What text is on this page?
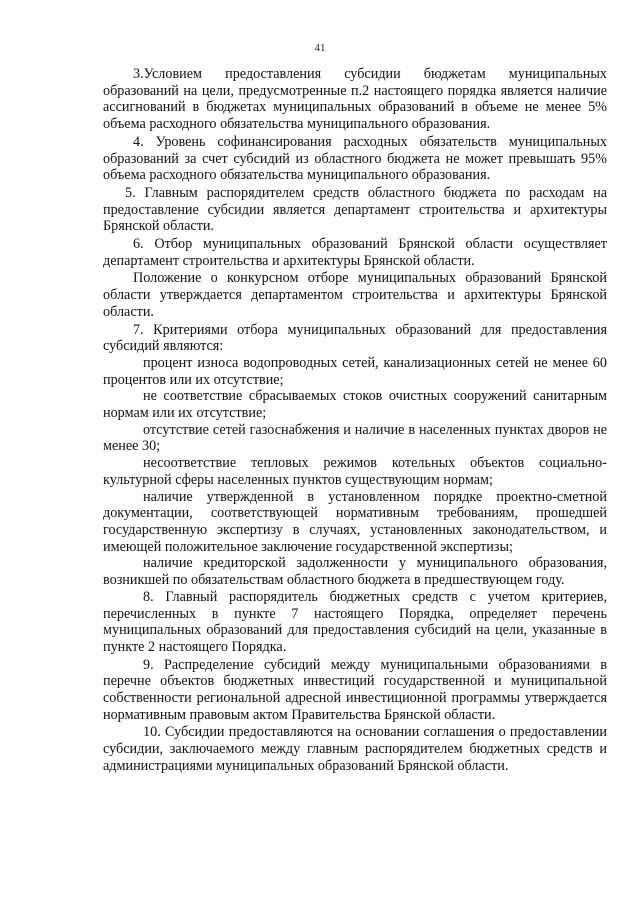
41

3.Условием предоставления субсидии бюджетам муниципальных образований на цели, предусмотренные п.2 настоящего порядка является наличие ассигнований в бюджетах муниципальных образований в объеме не менее 5% объема расходного обязательства муниципального образования.

4. Уровень софинансирования расходных обязательств муниципальных образований за счет субсидий из областного бюджета не может превышать 95% объема расходного обязательства муниципального образования.

5. Главным распорядителем средств областного бюджета по расходам на предоставление субсидии является департамент строительства и архитектуры Брянской области.

6. Отбор муниципальных образований Брянской области осуществляет департамент строительства и архитектуры Брянской области.

Положение о конкурсном отборе муниципальных образований Брянской области утверждается департаментом строительства и архитектуры Брянской области.

7. Критериями отбора муниципальных образований для предоставления субсидий являются:

процент износа водопроводных сетей, канализационных сетей не менее 60 процентов или их отсутствие;

не соответствие сбрасываемых стоков очистных сооружений санитарным нормам или их отсутствие;

отсутствие сетей газоснабжения и наличие в населенных пунктах дворов не менее 30;

несоответствие тепловых режимов котельных объектов социально-культурной сферы населенных пунктов существующим нормам;

наличие утвержденной в установленном порядке проектно-сметной документации, соответствующей нормативным требованиям, прошедшей государственную экспертизу в случаях, установленных законодательством, и имеющей положительное заключение государственной экспертизы;

наличие кредиторской задолженности у муниципального образования, возникшей по обязательствам областного бюджета в предшествующем году.

8. Главный распорядитель бюджетных средств с учетом критериев, перечисленных в пункте 7 настоящего Порядка, определяет перечень муниципальных образований для предоставления субсидий на цели, указанные в пункте 2 настоящего Порядка.

9. Распределение субсидий между муниципальными образованиями в перечне объектов бюджетных инвестиций государственной и муниципальной собственности региональной адресной инвестиционной программы утверждается нормативным правовым актом Правительства Брянской области.

10. Субсидии предоставляются на основании соглашения о предоставлении субсидии, заключаемого между главным распорядителем бюджетных средств и администрациями муниципальных образований Брянской области.
